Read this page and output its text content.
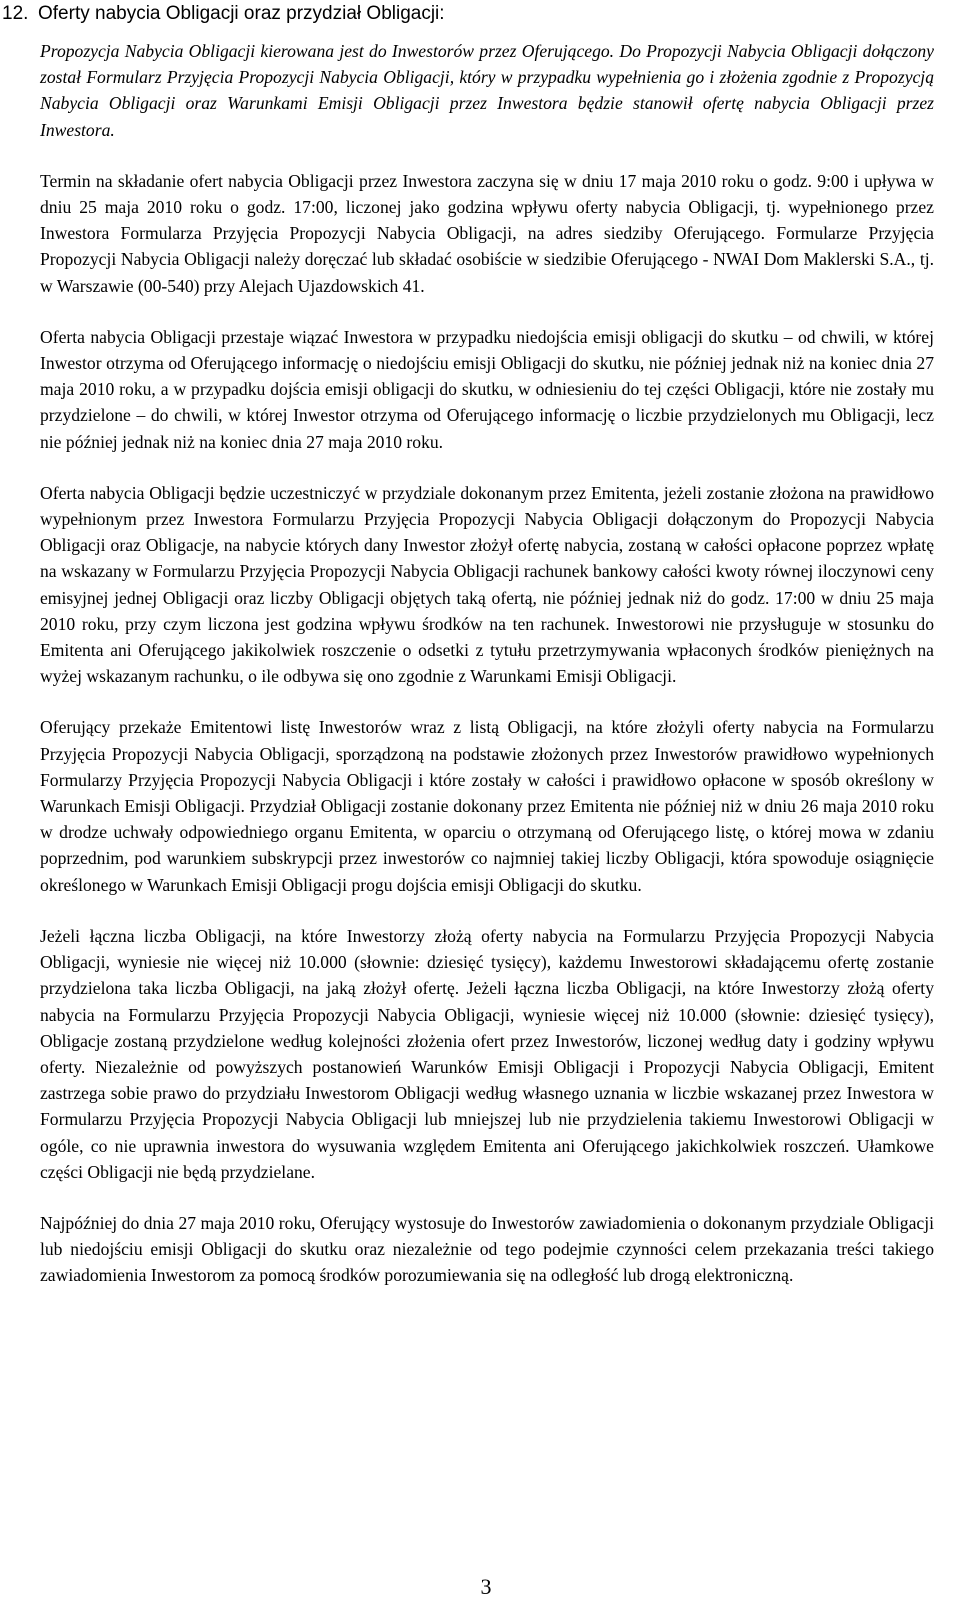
12. Oferty nabycia Obligacji oraz przydział Obligacji:

Propozycja Nabycia Obligacji kierowana jest do Inwestorów przez Oferującego. Do Propozycji Nabycia Obligacji dołączony został Formularz Przyjęcia Propozycji Nabycia Obligacji, który w przypadku wypełnienia go i złożenia zgodnie z Propozycją Nabycia Obligacji oraz Warunkami Emisji Obligacji przez Inwestora będzie stanowił ofertę nabycia Obligacji przez Inwestora.

Termin na składanie ofert nabycia Obligacji przez Inwestora zaczyna się w dniu 17 maja 2010 roku o godz. 9:00 i upływa w dniu 25 maja 2010 roku o godz. 17:00, liczonej jako godzina wpływu oferty nabycia Obligacji, tj. wypełnionego przez Inwestora Formularza Przyjęcia Propozycji Nabycia Obligacji, na adres siedziby Oferującego. Formularze Przyjęcia Propozycji Nabycia Obligacji należy doręczać lub składać osobiście w siedzibie Oferującego - NWAI Dom Maklerski S.A., tj. w Warszawie (00-540) przy Alejach Ujazdowskich 41.

Oferta nabycia Obligacji przestaje wiązać Inwestora w przypadku niedojścia emisji obligacji do skutku – od chwili, w której Inwestor otrzyma od Oferującego informację o niedojściu emisji Obligacji do skutku, nie później jednak niż na koniec dnia 27 maja 2010 roku, a w przypadku dojścia emisji obligacji do skutku, w odniesieniu do tej części Obligacji, które nie zostały mu przydzielone – do chwili, w której Inwestor otrzyma od Oferującego informację o liczbie przydzielonych mu Obligacji, lecz nie później jednak niż na koniec dnia 27 maja 2010 roku.

Oferta nabycia Obligacji będzie uczestniczyć w przydziale dokonanym przez Emitenta, jeżeli zostanie złożona na prawidłowo wypełnionym przez Inwestora Formularzu Przyjęcia Propozycji Nabycia Obligacji dołączonym do Propozycji Nabycia Obligacji oraz Obligacje, na nabycie których dany Inwestor złożył ofertę nabycia, zostaną w całości opłacone poprzez wpłatę na wskazany w Formularzu Przyjęcia Propozycji Nabycia Obligacji rachunek bankowy całości kwoty równej iloczynowi ceny emisyjnej jednej Obligacji oraz liczby Obligacji objętych taką ofertą, nie później jednak niż do godz. 17:00 w dniu 25 maja 2010 roku, przy czym liczona jest godzina wpływu środków na ten rachunek. Inwestorowi nie przysługuje w stosunku do Emitenta ani Oferującego jakikolwiek roszczenie o odsetki z tytułu przetrzymywania wpłaconych środków pieniężnych na wyżej wskazanym rachunku, o ile odbywa się ono zgodnie z Warunkami Emisji Obligacji.

Oferujący przekaże Emitentowi listę Inwestorów wraz z listą Obligacji, na które złożyli oferty nabycia na Formularzu Przyjęcia Propozycji Nabycia Obligacji, sporządzoną na podstawie złożonych przez Inwestorów prawidłowo wypełnionych Formularzy Przyjęcia Propozycji Nabycia Obligacji i które zostały w całości i prawidłowo opłacone w sposób określony w Warunkach Emisji Obligacji. Przydział Obligacji zostanie dokonany przez Emitenta nie później niż w dniu 26 maja 2010 roku w drodze uchwały odpowiedniego organu Emitenta, w oparciu o otrzymaną od Oferującego listę, o której mowa w zdaniu poprzednim, pod warunkiem subskrypcji przez inwestorów co najmniej takiej liczby Obligacji, która spowoduje osiągnięcie określonego w Warunkach Emisji Obligacji progu dojścia emisji Obligacji do skutku.

Jeżeli łączna liczba Obligacji, na które Inwestorzy złożą oferty nabycia na Formularzu Przyjęcia Propozycji Nabycia Obligacji, wyniesie nie więcej niż 10.000 (słownie: dziesięć tysięcy), każdemu Inwestorowi składającemu ofertę zostanie przydzielona taka liczba Obligacji, na jaką złożył ofertę. Jeżeli łączna liczba Obligacji, na które Inwestorzy złożą oferty nabycia na Formularzu Przyjęcia Propozycji Nabycia Obligacji, wyniesie więcej niż 10.000 (słownie: dziesięć tysięcy), Obligacje zostaną przydzielone według kolejności złożenia ofert przez Inwestorów, liczonej według daty i godziny wpływu oferty. Niezależnie od powyższych postanowień Warunków Emisji Obligacji i Propozycji Nabycia Obligacji, Emitent zastrzega sobie prawo do przydziału Inwestorom Obligacji według własnego uznania w liczbie wskazanej przez Inwestora w Formularzu Przyjęcia Propozycji Nabycia Obligacji lub mniejszej lub nie przydzielenia takiemu Inwestorowi Obligacji w ogóle, co nie uprawnia inwestora do wysuwania względem Emitenta ani Oferującego jakichkolwiek roszczeń. Ułamkowe części Obligacji nie będą przydzielane.

Najpóźniej do dnia 27 maja 2010 roku, Oferujący wystosuje do Inwestorów zawiadomienia o dokonanym przydziale Obligacji lub niedojściu emisji Obligacji do skutku oraz niezależnie od tego podejmie czynności celem przekazania treści takiego zawiadomienia Inwestorom za pomocą środków porozumiewania się na odległość lub drogą elektroniczną.

3
